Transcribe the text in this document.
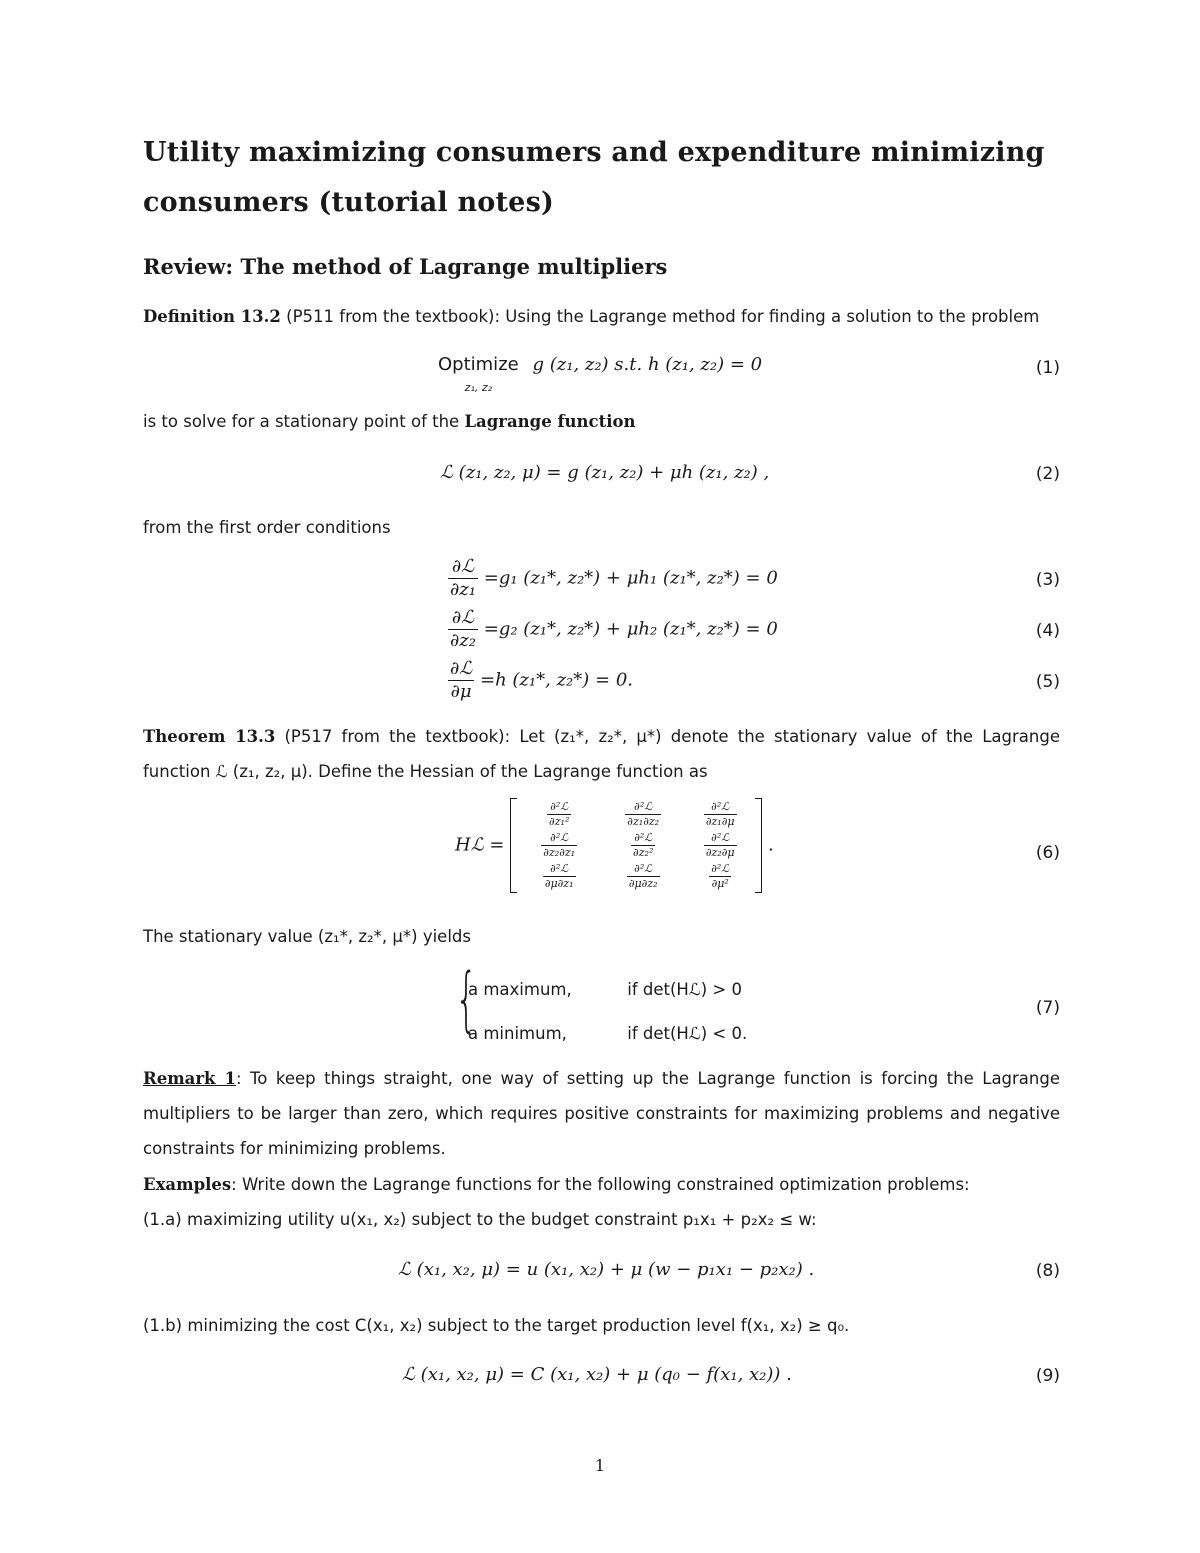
Utility maximizing consumers and expenditure minimizing consumers (tutorial notes)
Review: The method of Lagrange multipliers
Definition 13.2 (P511 from the textbook): Using the Lagrange method for finding a solution to the problem
Optimize
z₁, z₂ g (z₁, z₂) s.t. h (z₁, z₂) = 0	(1)
is to solve for a stationary point of the Lagrange function
ℒ (z₁, z₂, μ) = g (z₁, z₂) + μh (z₁, z₂) ,	(2)
from the first order conditions
$\frac{\text{∂ℒ}}{\text{∂z₁}} =g_1$ (z₁*, z₂*) + μh₁ (z₁*, z₂*) = 0	(3)
$\frac{\text{∂ℒ}}{\text{∂z₂}} =g_2$ (z₁*, z₂*) + μh₂ (z₁*, z₂*) = 0	(4)
$\frac{\text{∂ℒ}}{\partial\mu} =h$ (z₁*, z₂*) = 0.	(5)
Theorem 13.3 (P517 from the textbook): Let (z₁*, z₂*, μ*) denote the stationary value of the Lagrange function ℒ (z₁, z₂, μ). Define the Hessian of the Lagrange function as
Hℒ =
$\frac{\text{∂²ℒ}}{\text{∂z₁²}}$	$\frac{\text{∂²ℒ}}{\text{∂z₁∂z₂}}$	$\frac{\text{∂²ℒ}}{\text{∂z₁∂μ}}$
$\frac{\text{∂²ℒ}}{\text{∂z₂∂z₁}}$	$\frac{\text{∂²ℒ}}{\text{∂z₂²}}$	$\frac{\text{∂²ℒ}}{\text{∂z₂∂μ}}$
$\frac{\text{∂²ℒ}}{\text{∂μ∂z₁}}$	$\frac{\text{∂²ℒ}}{\text{∂μ∂z₂}}$	$\frac{\text{∂²ℒ}}{\text{∂μ²}}$
.	(6)
The stationary value (z₁*, z₂*, μ*) yields
{
a maximum,	if det(Hℒ) > 0
a minimum,	if det(Hℒ) < 0.
(7)
Remark 1: To keep things straight, one way of setting up the Lagrange function is forcing the Lagrange multipliers to be larger than zero, which requires positive constraints for maximizing problems and negative constraints for minimizing problems.
Examples: Write down the Lagrange functions for the following constrained optimization problems:
(1.a) maximizing utility u(x₁, x₂) subject to the budget constraint p₁x₁ + p₂x₂ ≤ w:
ℒ (x₁, x₂, μ) = u (x₁, x₂) + μ (w − p₁x₁ − p₂x₂) .	(8)
(1.b) minimizing the cost C(x₁, x₂) subject to the target production level f(x₁, x₂) ≥ q₀.
ℒ (x₁, x₂, μ) = C (x₁, x₂) + μ (q₀ − f(x₁, x₂)) .	(9)
1
